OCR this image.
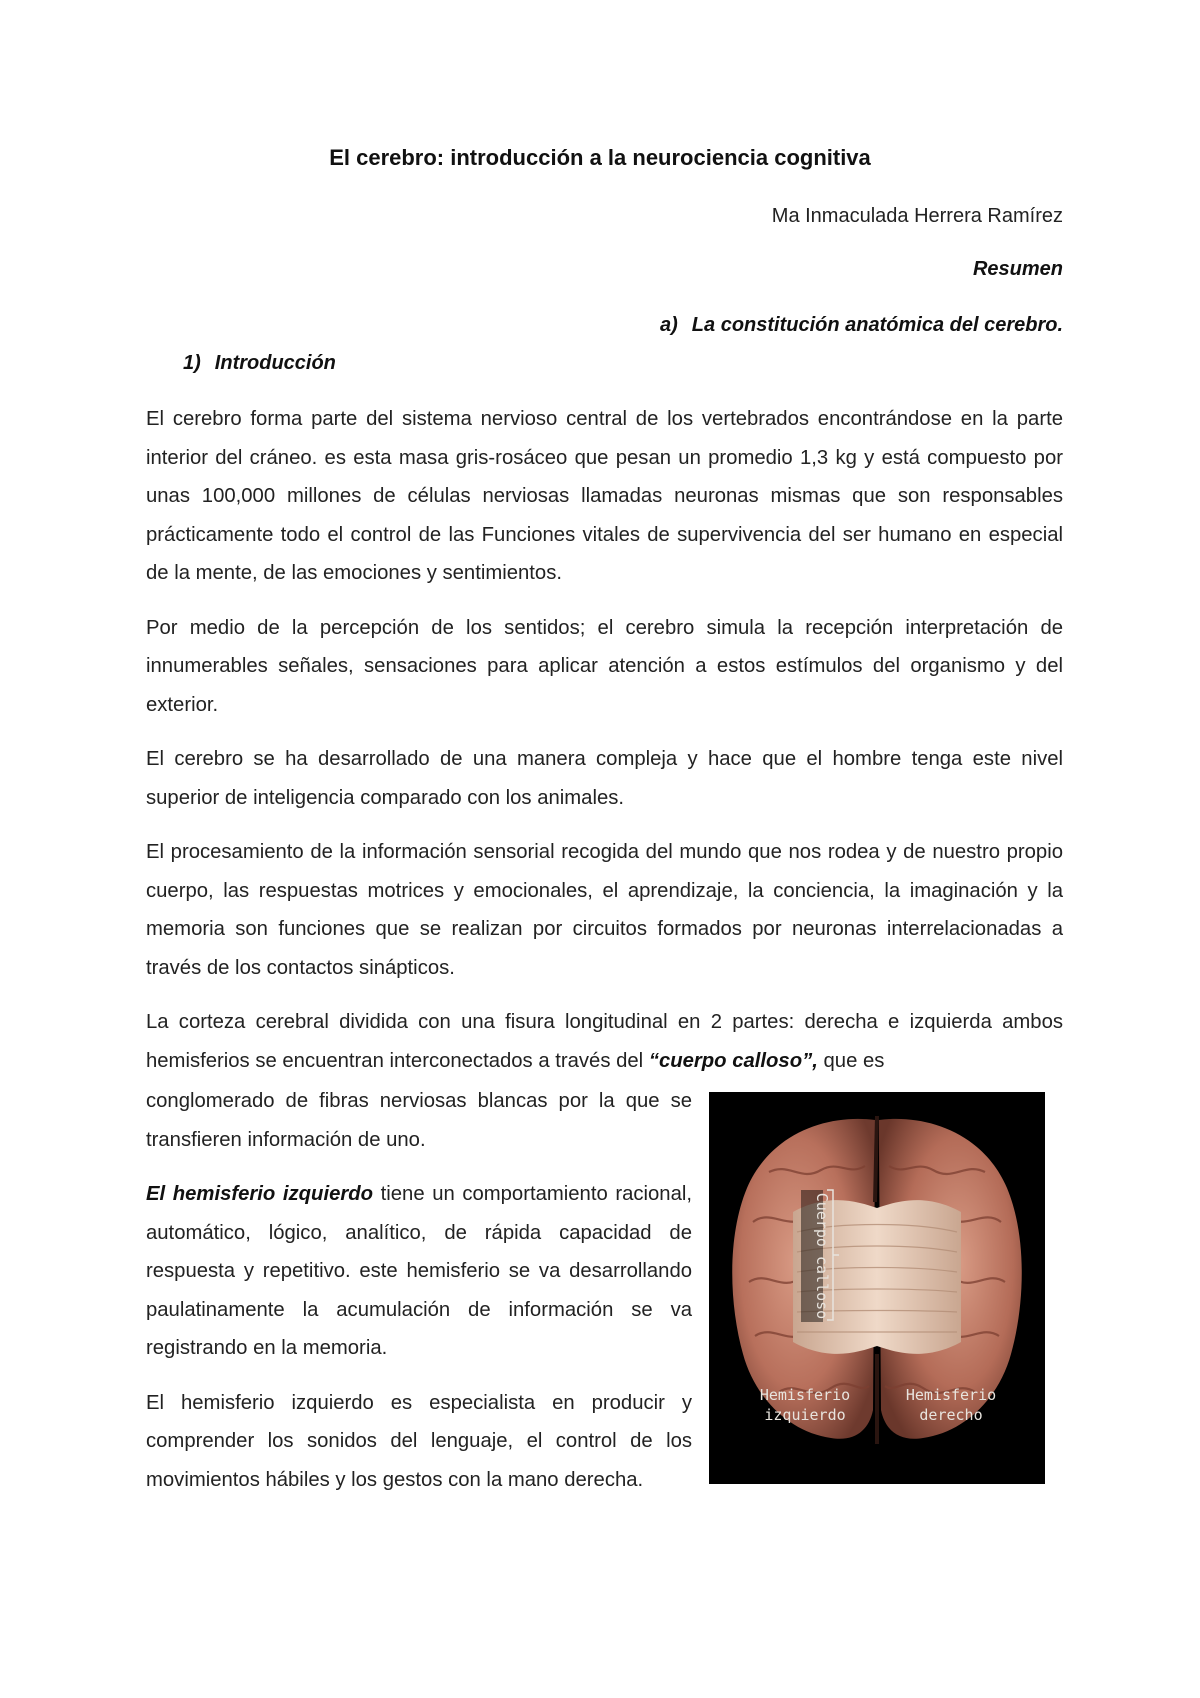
El cerebro: introducción a la neurociencia cognitiva
Ma Inmaculada Herrera Ramírez
Resumen
a) La constitución anatómica del cerebro.
1) Introducción

El cerebro forma parte del sistema nervioso central de los vertebrados encontrándose en la parte interior del cráneo. es esta masa gris-rosáceo que pesan un promedio 1,3 kg y está compuesto por unas 100,000 millones de células nerviosas llamadas neuronas mismas que son responsables prácticamente todo el control de las Funciones vitales de supervivencia del ser humano en especial de la mente, de las emociones y sentimientos.

Por medio de la percepción de los sentidos; el cerebro simula la recepción interpretación de innumerables señales, sensaciones para aplicar atención a estos estímulos del organismo y del exterior.

El cerebro se ha desarrollado de una manera compleja y hace que el hombre tenga este nivel superior de inteligencia comparado con los animales.

El procesamiento de la información sensorial recogida del mundo que nos rodea y de nuestro propio cuerpo, las respuestas motrices y emocionales, el aprendizaje, la conciencia, la imaginación y la memoria son funciones que se realizan por circuitos formados por neuronas interrelacionadas a través de los contactos sinápticos.

La corteza cerebral dividida con una fisura longitudinal en 2 partes: derecha e izquierda ambos hemisferios se encuentran interconectados a través del “cuerpo calloso”, que es

conglomerado de fibras nerviosas blancas por la que se transfieren información de uno.

El hemisferio izquierdo tiene un comportamiento racional, automático, lógico, analítico, de rápida capacidad de respuesta y repetitivo. este hemisferio se va desarrollando paulatinamente la acumulación de información se va registrando en la memoria.

El hemisferio izquierdo es especialista en producir y comprender los sonidos del lenguaje, el control de los movimientos hábiles y los gestos con la mano derecha.

Cuerpo calloso
Hemisferio
izquierdo
Hemisferio
derecho
